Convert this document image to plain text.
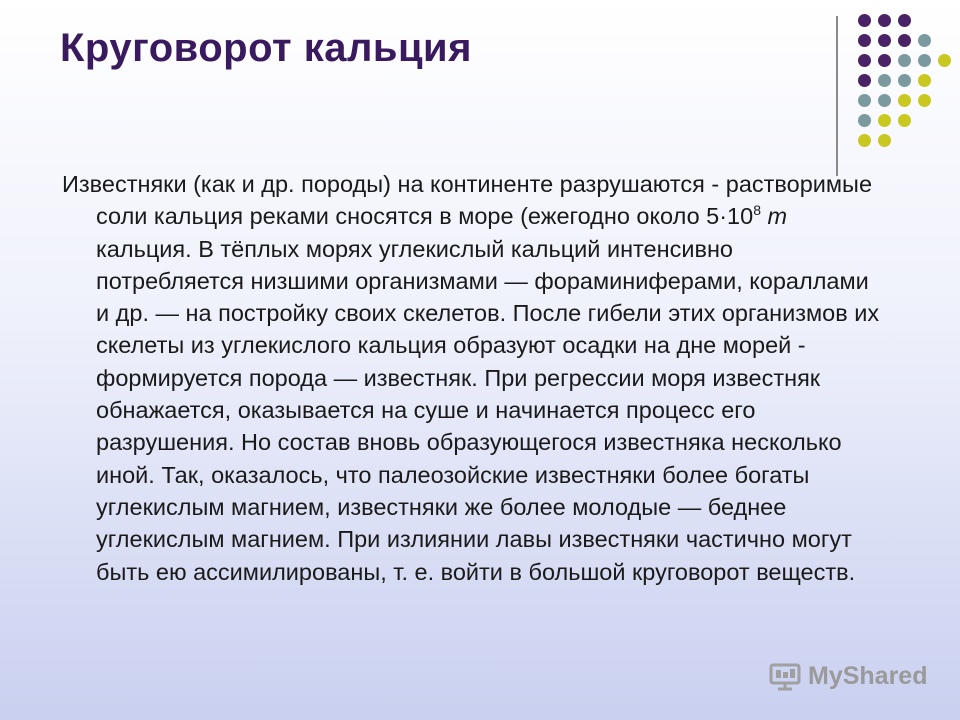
Круговорот кальция
Известняки (как и др. породы) на континенте разрушаются - растворимые соли кальция реками сносятся в море (ежегодно около $5\cdot 10^8$ т кальция. В тёплых морях углекислый кальций интенсивно потребляется низшими организмами — фораминиферами, кораллами и др. — на постройку своих скелетов. После гибели этих организмов их скелеты из углекислого кальция образуют осадки на дне морей - формируется порода — известняк. При регрессии моря известняк обнажается, оказывается на суше и начинается процесс его разрушения. Но состав вновь образующегося известняка несколько иной. Так, оказалось, что палеозойские известняки более богаты углекислым магнием, известняки же более молодые — беднее углекислым магнием. При излиянии лавы известняки частично могут быть ею ассимилированы, т. е. войти в большой круговорот веществ.
MyShared
